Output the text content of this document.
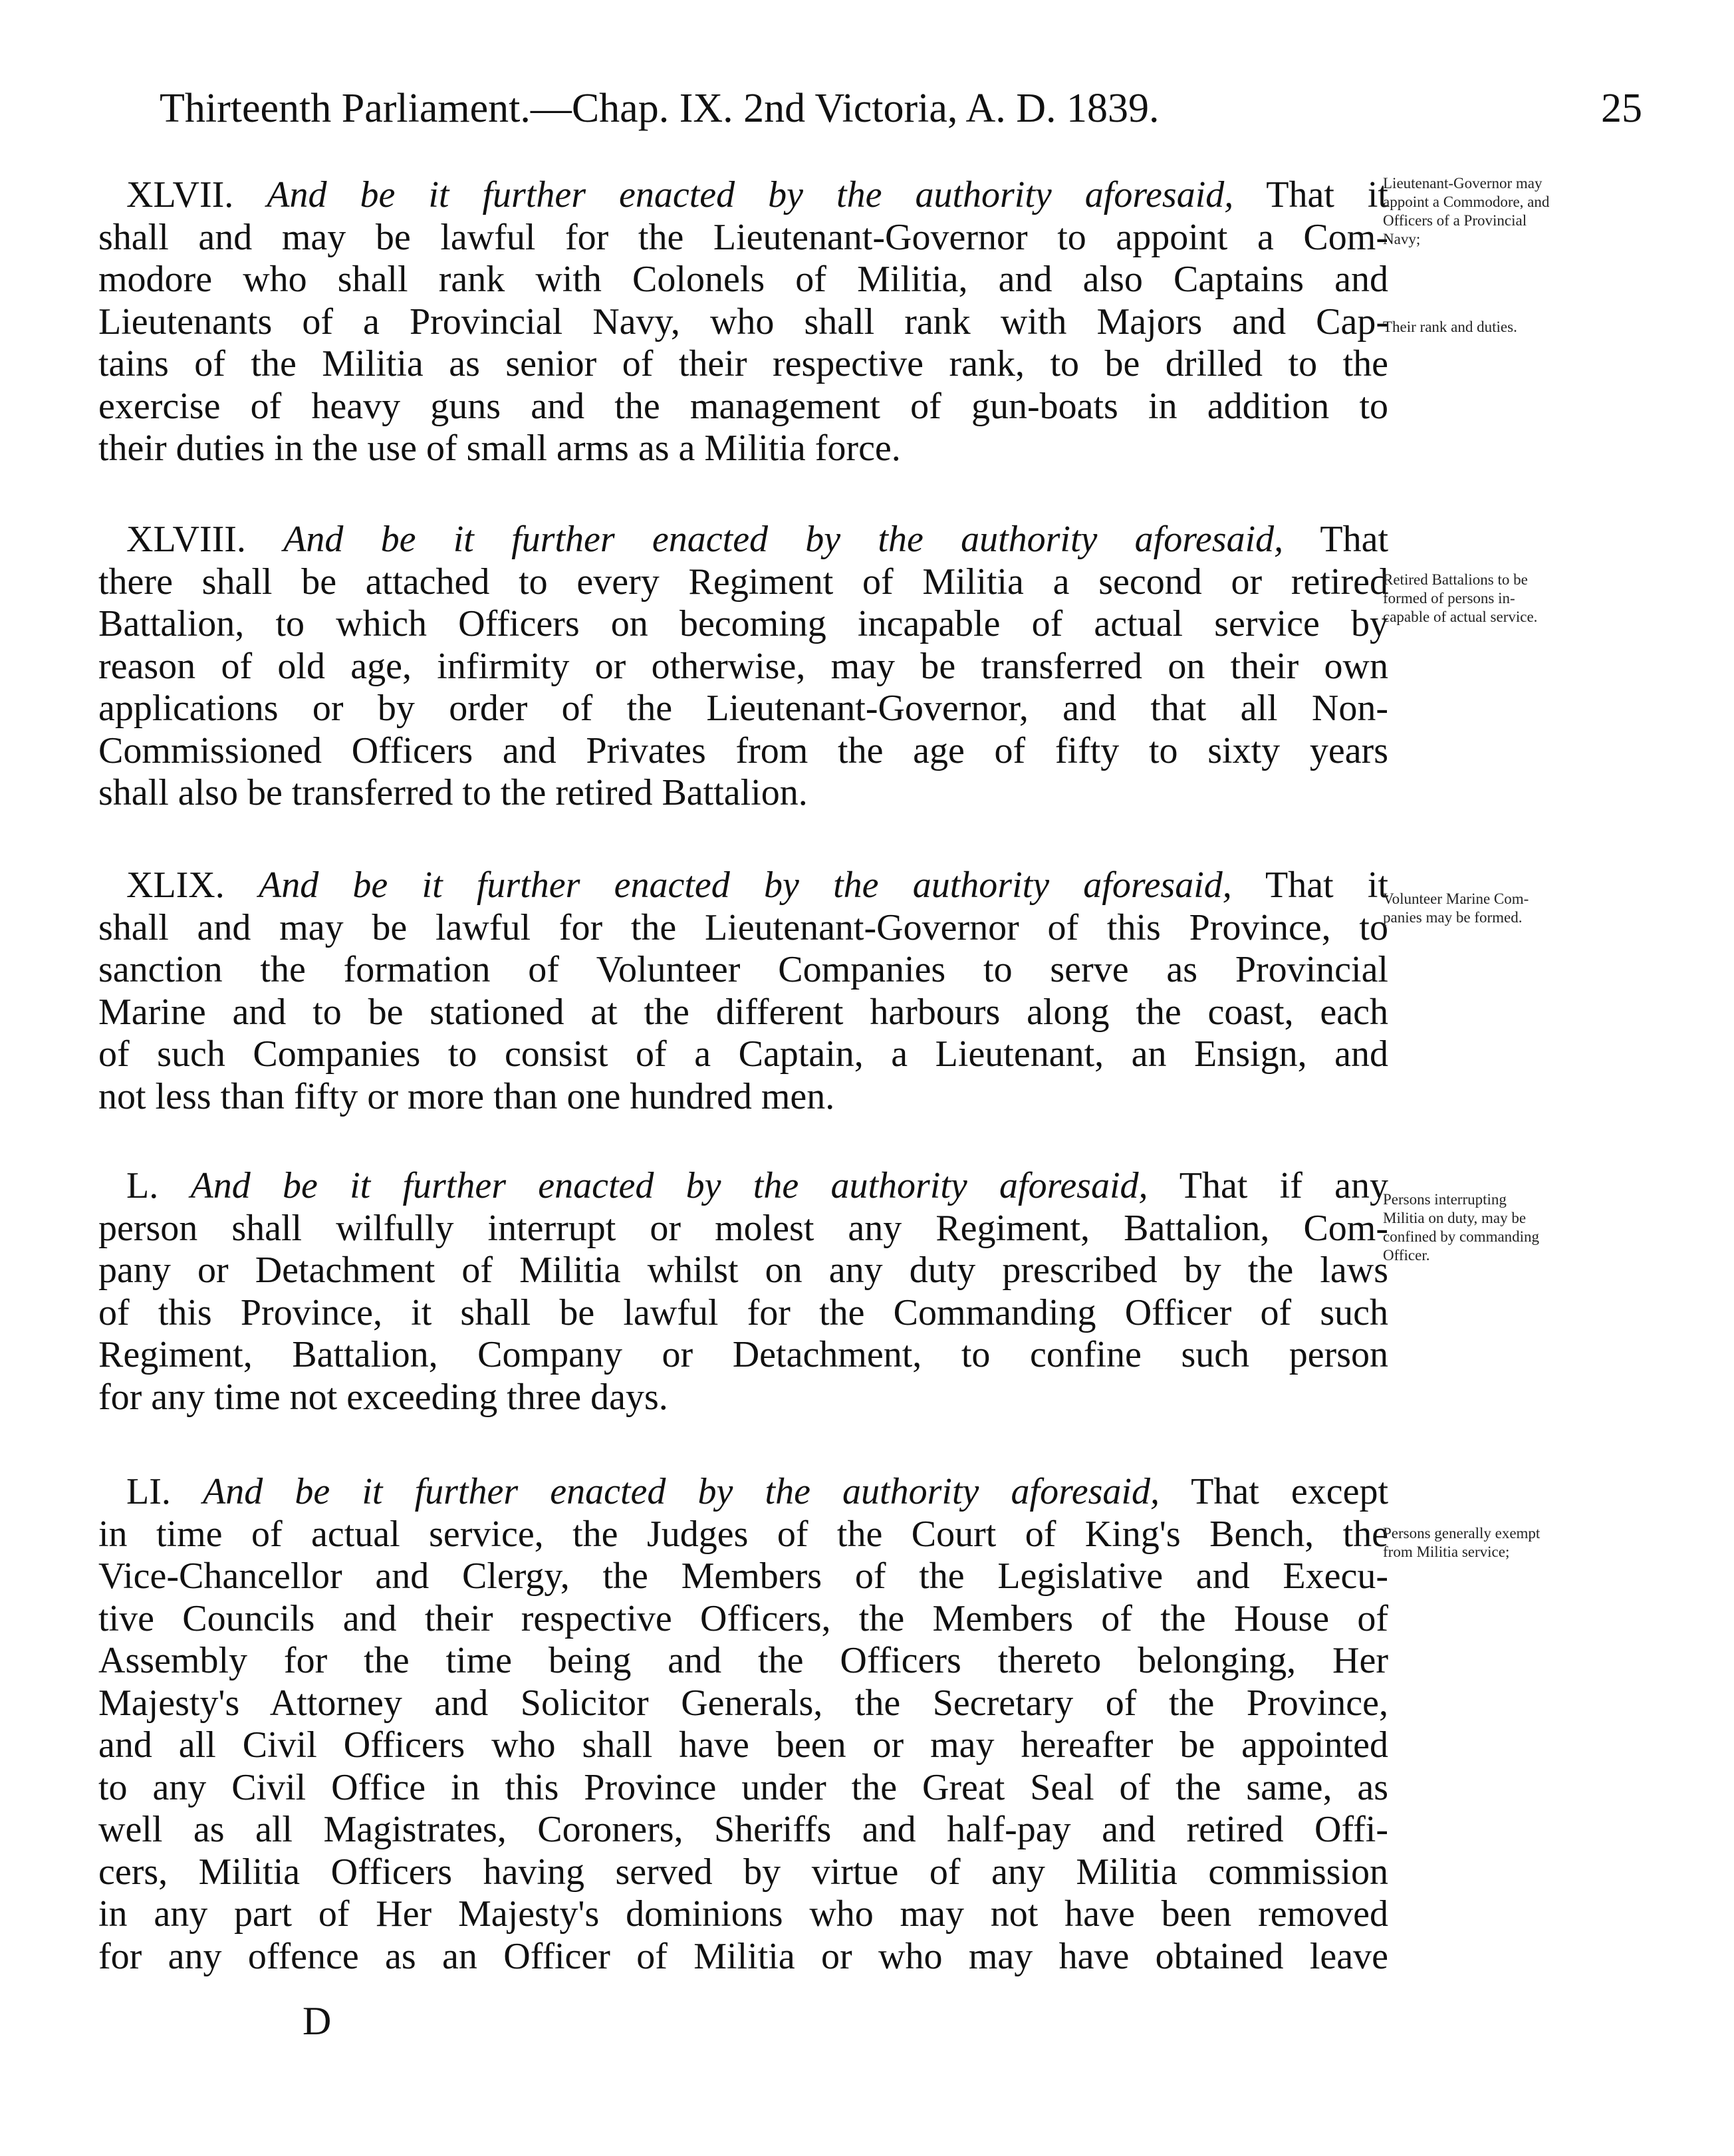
Thirteenth Parliament.—Chap. IX. 2nd Victoria, A. D. 1839.	25
XLVII. And be it further enacted by the authority aforesaid, That it
shall and may be lawful for the Lieutenant-Governor to appoint a Com-
modore who shall rank with Colonels of Militia, and also Captains and
Lieutenants of a Provincial Navy, who shall rank with Majors and Cap-
tains of the Militia as senior of their respective rank, to be drilled to the
exercise of heavy guns and the management of gun-boats in addition to
their duties in the use of small arms as a Militia force.
Lieutenant-Governor may
appoint a Commodore, and
Officers of a Provincial
Navy;
Their rank and duties.
XLVIII. And be it further enacted by the authority aforesaid, That
there shall be attached to every Regiment of Militia a second or retired
Battalion, to which Officers on becoming incapable of actual service by
reason of old age, infirmity or otherwise, may be transferred on their own
applications or by order of the Lieutenant-Governor, and that all Non-
Commissioned Officers and Privates from the age of fifty to sixty years
shall also be transferred to the retired Battalion.
Retired Battalions to be
formed of persons in-
capable of actual service.
XLIX. And be it further enacted by the authority aforesaid, That it
shall and may be lawful for the Lieutenant-Governor of this Province, to
sanction the formation of Volunteer Companies to serve as Provincial
Marine and to be stationed at the different harbours along the coast, each
of such Companies to consist of a Captain, a Lieutenant, an Ensign, and
not less than fifty or more than one hundred men.
Volunteer Marine Com-
panies may be formed.
L. And be it further enacted by the authority aforesaid, That if any
person shall wilfully interrupt or molest any Regiment, Battalion, Com-
pany or Detachment of Militia whilst on any duty prescribed by the laws
of this Province, it shall be lawful for the Commanding Officer of such
Regiment, Battalion, Company or Detachment, to confine such person
for any time not exceeding three days.
Persons interrupting
Militia on duty, may be
confined by commanding
Officer.
LI. And be it further enacted by the authority aforesaid, That except
in time of actual service, the Judges of the Court of King's Bench, the
Vice-Chancellor and Clergy, the Members of the Legislative and Execu-
tive Councils and their respective Officers, the Members of the House of
Assembly for the time being and the Officers thereto belonging, Her
Majesty's Attorney and Solicitor Generals, the Secretary of the Province,
and all Civil Officers who shall have been or may hereafter be appointed
to any Civil Office in this Province under the Great Seal of the same, as
well as all Magistrates, Coroners, Sheriffs and half-pay and retired Offi-
cers, Militia Officers having served by virtue of any Militia commission
in any part of Her Majesty's dominions who may not have been removed
for any offence as an Officer of Militia or who may have obtained leave
Persons generally exempt
from Militia service;
D
